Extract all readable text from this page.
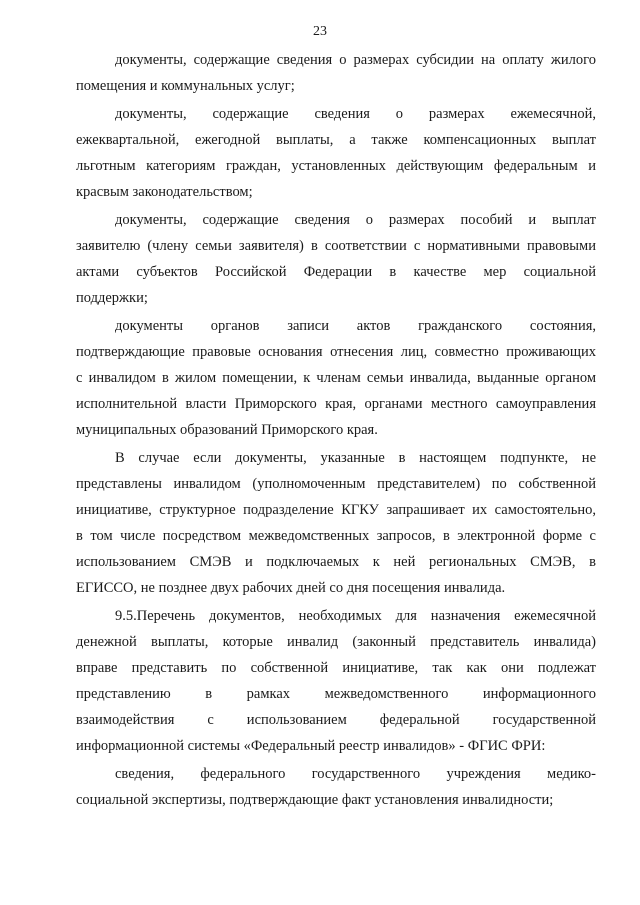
23
документы, содержащие сведения о размерах субсидии на оплату жилого
помещения и коммунальных услуг;
документы, содержащие сведения о размерах ежемесячной,
ежеквартальной, ежегодной выплаты, а также компенсационных выплат
льготным категориям граждан, установленных действующим федеральным и
красвым законодательством;
документы, содержащие сведения о размерах пособий и выплат
заявителю (члену семьи заявителя) в соответствии с нормативными правовыми
актами субъектов Российской Федерации в качестве мер социальной
поддержки;
документы органов записи актов гражданского состояния,
подтверждающие правовые основания отнесения лиц, совместно проживающих
с инвалидом в жилом помещении, к членам семьи инвалида, выданные органом
исполнительной власти Приморского края, органами местного самоуправления
муниципальных образований Приморского края.
В случае если документы, указанные в настоящем подпункте, не
представлены инвалидом (уполномоченным представителем) по собственной
инициативе, структурное подразделение КГКУ запрашивает их самостоятельно,
в том числе посредством межведомственных запросов, в электронной форме с
использованием СМЭВ и подключаемых к ней региональных СМЭВ, в
ЕГИССО, не позднее двух рабочих дней со дня посещения инвалида.
9.5.Перечень документов, необходимых для назначения ежемесячной
денежной выплаты, которые инвалид (законный представитель инвалида)
вправе представить по собственной инициативе, так как они подлежат
представлению в рамках межведомственного информационного
взаимодействия с использованием федеральной государственной
информационной системы «Федеральный реестр инвалидов» - ФГИС ФРИ:
сведения, федерального государственного учреждения медико-
социальной экспертизы, подтверждающие факт установления инвалидности;
